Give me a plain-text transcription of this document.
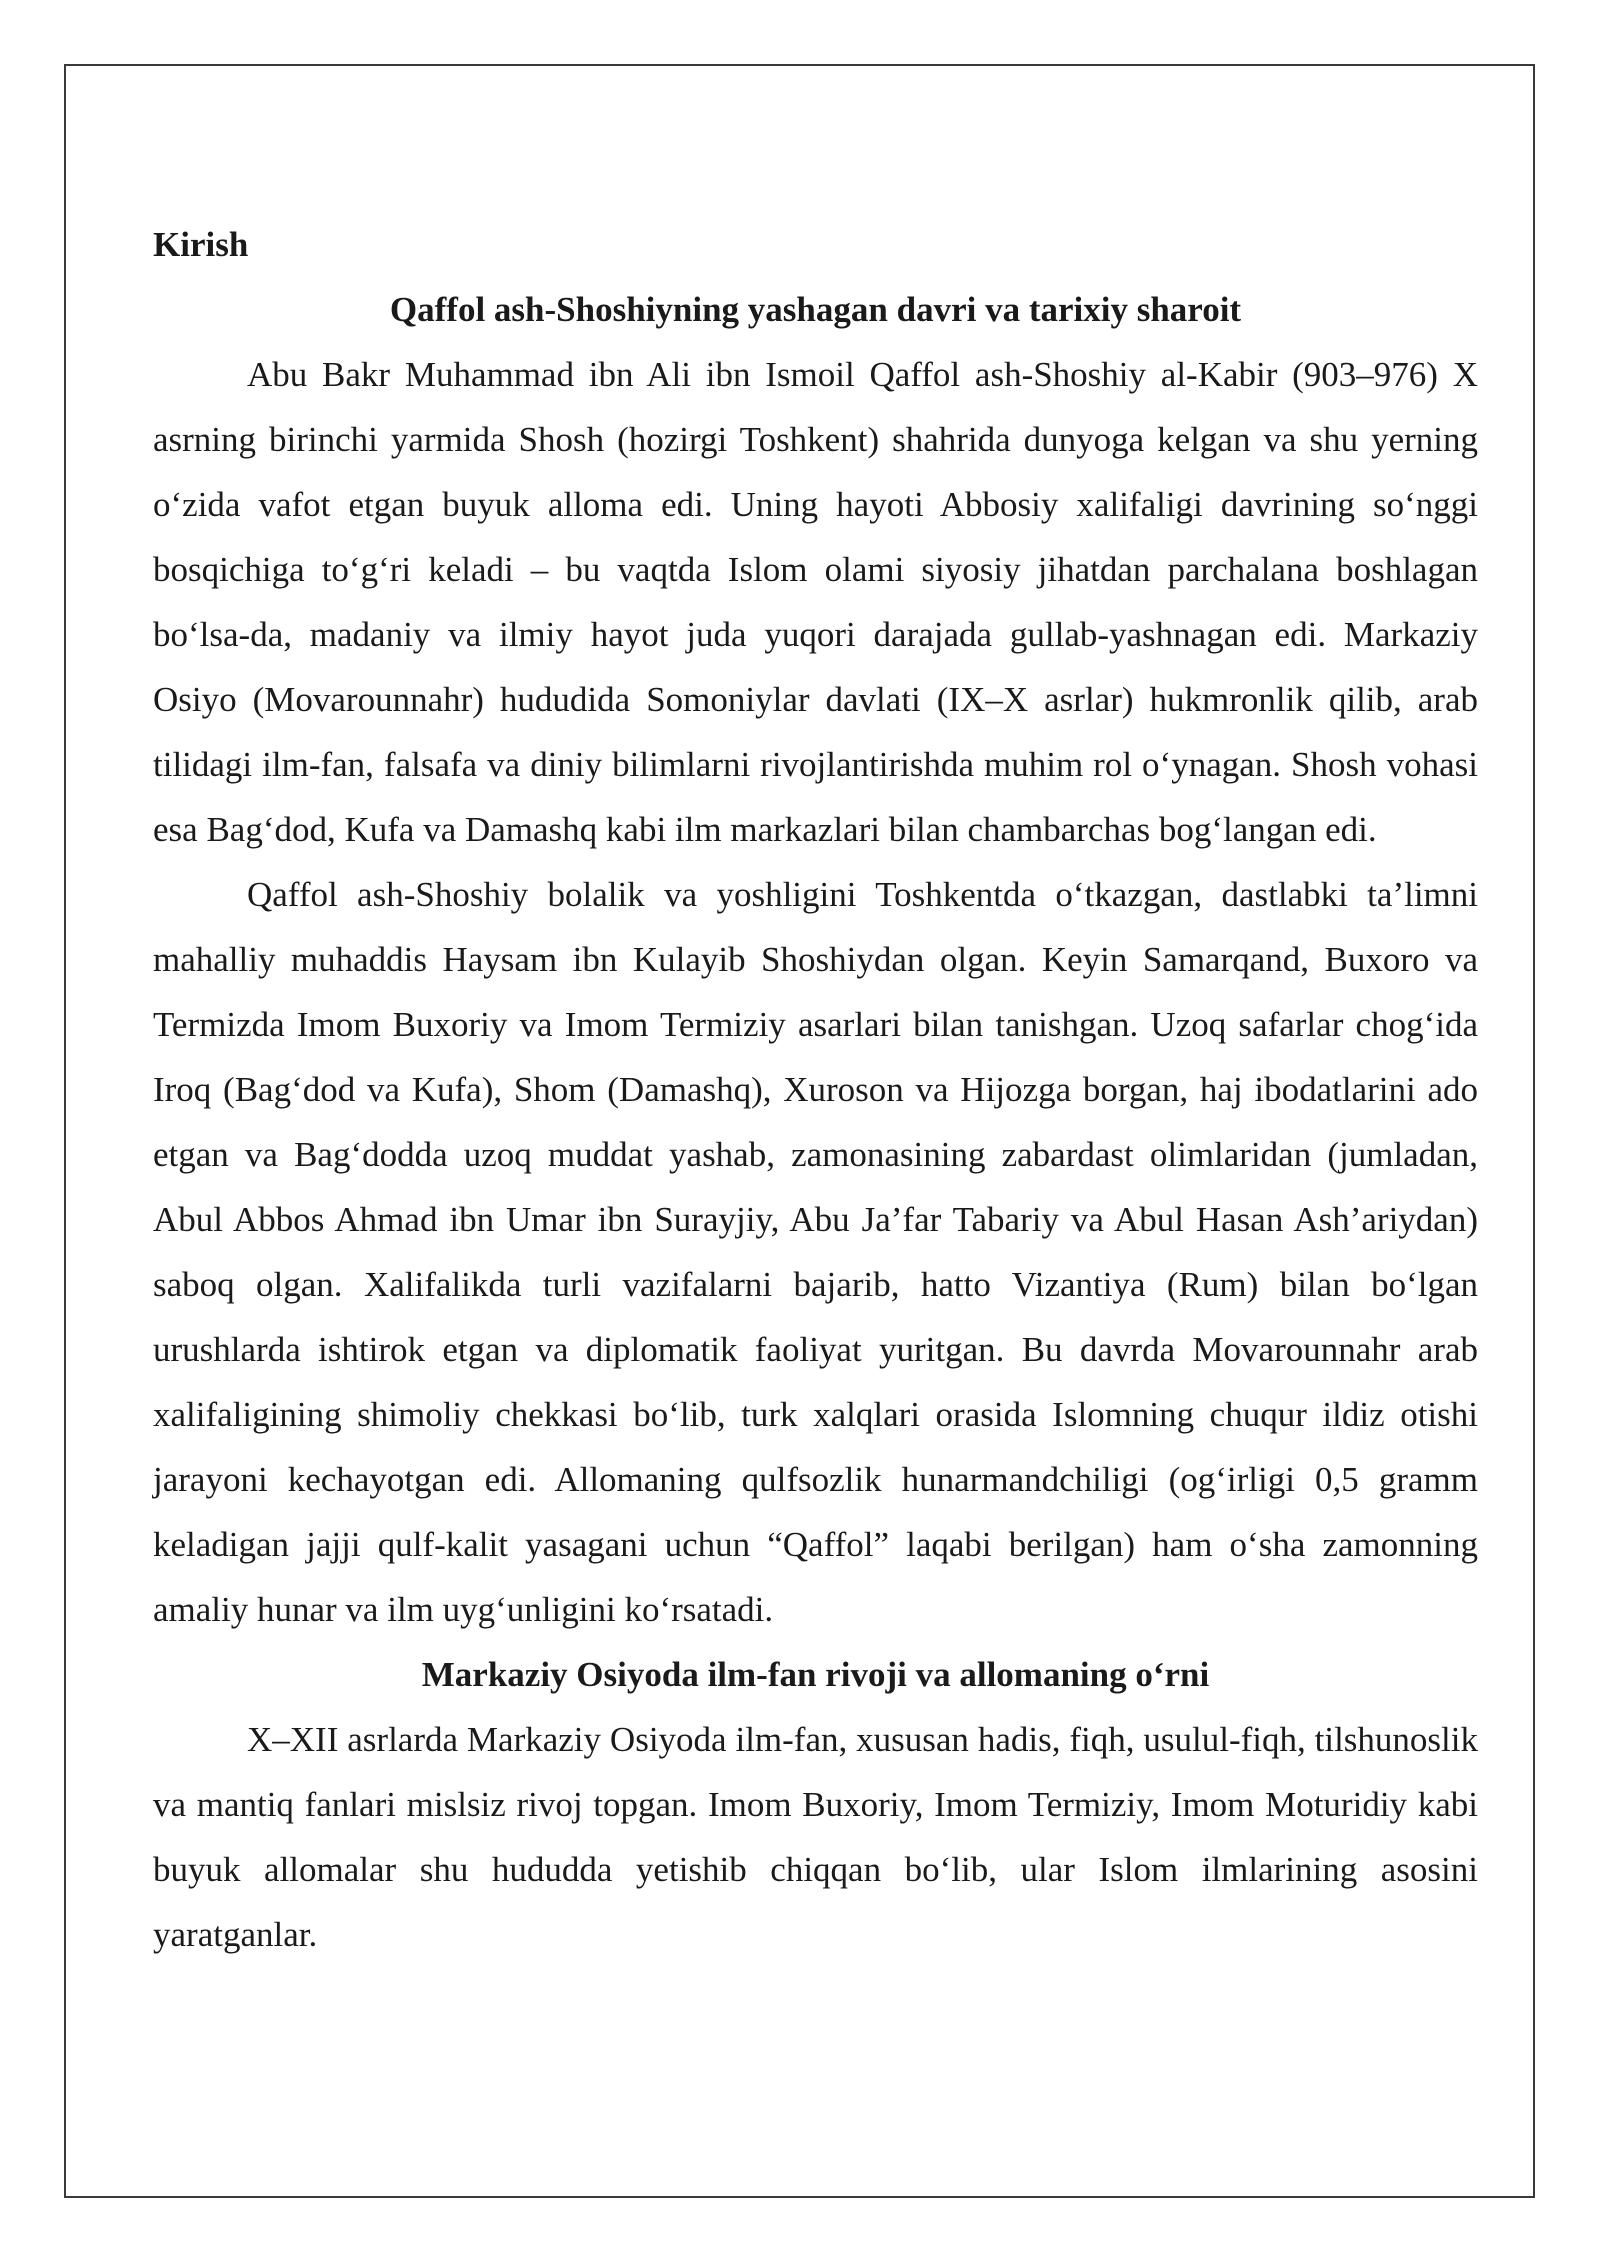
Kirish
Qaffol ash-Shoshiyning yashagan davri va tarixiy sharoit

Abu Bakr Muhammad ibn Ali ibn Ismoil Qaffol ash-Shoshiy al-Kabir (903–976) X asrning birinchi yarmida Shosh (hozirgi Toshkent) shahrida dunyoga kelgan va shu yerning oʻzida vafot etgan buyuk alloma edi. Uning hayoti Abbosiy xalifaligi davrining soʻnggi bosqichiga toʻgʻri keladi – bu vaqtda Islom olami siyosiy jihatdan parchalana boshlagan boʻlsa-da, madaniy va ilmiy hayot juda yuqori darajada gullab-yashnagan edi. Markaziy Osiyo (Movarounnahr) hududida Somoniylar davlati (IX–X asrlar) hukmronlik qilib, arab tilidagi ilm-fan, falsafa va diniy bilimlarni rivojlantirishda muhim rol oʻynagan. Shosh vohasi esa Bagʻdod, Kufa va Damashq kabi ilm markazlari bilan chambarchas bogʻlangan edi.

Qaffol ash-Shoshiy bolalik va yoshligini Toshkentda oʻtkazgan, dastlabki ta’limni mahalliy muhaddis Haysam ibn Kulayib Shoshiydan olgan. Keyin Samarqand, Buxoro va Termizda Imom Buxoriy va Imom Termiziy asarlari bilan tanishgan. Uzoq safarlar chogʻida Iroq (Bagʻdod va Kufa), Shom (Damashq), Xuroson va Hijozga borgan, haj ibodatlarini ado etgan va Bagʻdodda uzoq muddat yashab, zamonasining zabardast olimlaridan (jumladan, Abul Abbos Ahmad ibn Umar ibn Surayjiy, Abu Ja’far Tabariy va Abul Hasan Ash’ariydan) saboq olgan. Xalifalikda turli vazifalarni bajarib, hatto Vizantiya (Rum) bilan boʻlgan urushlarda ishtirok etgan va diplomatik faoliyat yuritgan. Bu davrda Movarounnahr arab xalifaligining shimoliy chekkasi boʻlib, turk xalqlari orasida Islomning chuqur ildiz otishi jarayoni kechayotgan edi. Allomaning qulfsozlik hunarmandchiligi (ogʻirligi 0,5 gramm keladigan jajji qulf-kalit yasagani uchun “Qaffol” laqabi berilgan) ham oʻsha zamonning amaliy hunar va ilm uygʻunligini koʻrsatadi.

Markaziy Osiyoda ilm-fan rivoji va allomaning oʻrni

X–XII asrlarda Markaziy Osiyoda ilm-fan, xususan hadis, fiqh, usulul-fiqh, tilshunoslik va mantiq fanlari mislsiz rivoj topgan. Imom Buxoriy, Imom Termiziy, Imom Moturidiy kabi buyuk allomalar shu hududda yetishib chiqqan boʻlib, ular Islom ilmlarining asosini yaratganlar.
